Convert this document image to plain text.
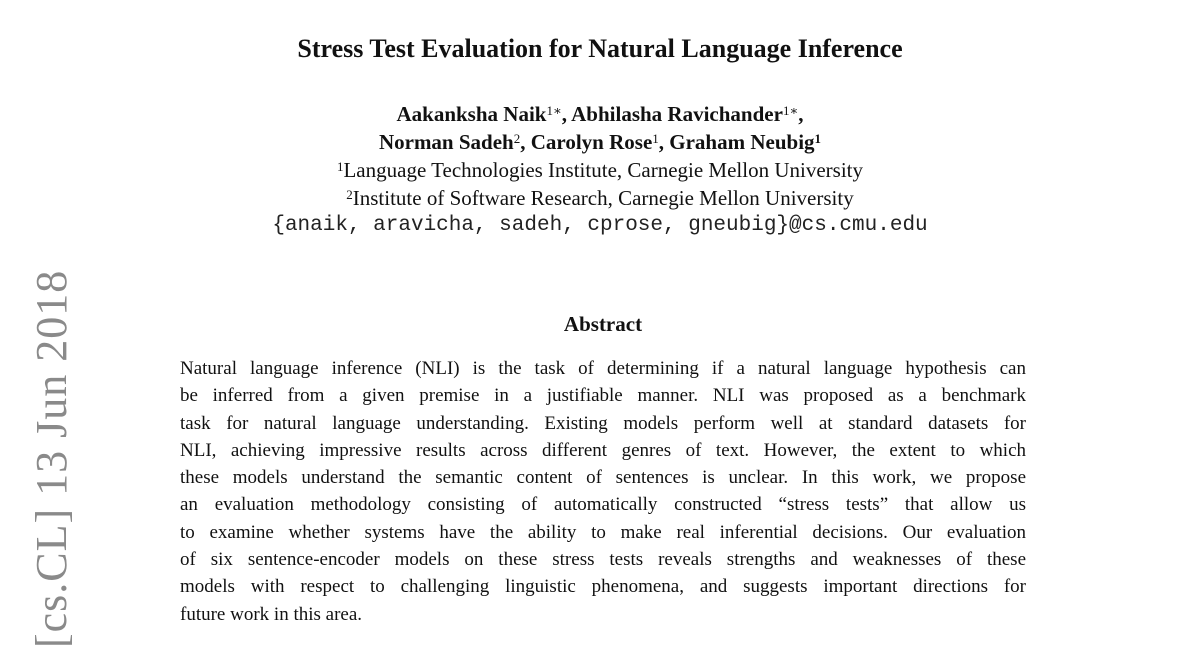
Stress Test Evaluation for Natural Language Inference
Aakanksha Naik$^{1∗}$, Abhilasha Ravichander$^{1∗}$,
Norman Sadeh$^2$, Carolyn Rose$^1$, Graham Neubig$^1$
$^1$Language Technologies Institute, Carnegie Mellon University
$^2$Institute of Software Research, Carnegie Mellon University
{anaik, aravicha, sadeh, cprose, gneubig}@cs.cmu.edu
Abstract
Natural language inference (NLI) is the task of determining if a natural language hypothesis can
be inferred from a given premise in a justifiable manner. NLI was proposed as a benchmark
task for natural language understanding. Existing models perform well at standard datasets for
NLI, achieving impressive results across different genres of text. However, the extent to which
these models understand the semantic content of sentences is unclear. In this work, we propose
an evaluation methodology consisting of automatically constructed “stress tests” that allow us
to examine whether systems have the ability to make real inferential decisions. Our evaluation
of six sentence-encoder models on these stress tests reveals strengths and weaknesses of these
models with respect to challenging linguistic phenomena, and suggests important directions for
future work in this area.
[cs.CL] 13 Jun 2018
